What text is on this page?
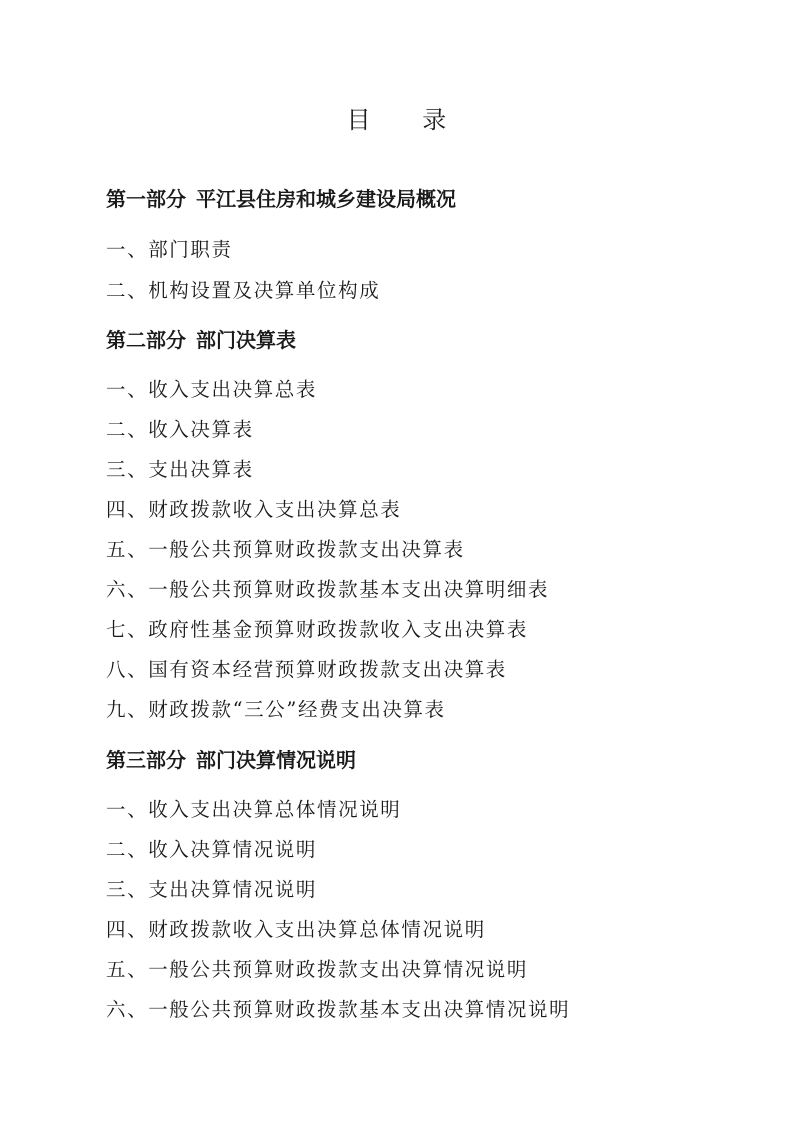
目 录
第一部分 平江县住房和城乡建设局概况
一、部门职责
二、机构设置及决算单位构成
第二部分 部门决算表
一、收入支出决算总表
二、收入决算表
三、支出决算表
四、财政拨款收入支出决算总表
五、一般公共预算财政拨款支出决算表
六、一般公共预算财政拨款基本支出决算明细表
七、政府性基金预算财政拨款收入支出决算表
八、国有资本经营预算财政拨款支出决算表
九、财政拨款“三公”经费支出决算表
第三部分 部门决算情况说明
一、收入支出决算总体情况说明
二、收入决算情况说明
三、支出决算情况说明
四、财政拨款收入支出决算总体情况说明
五、一般公共预算财政拨款支出决算情况说明
六、一般公共预算财政拨款基本支出决算情况说明
